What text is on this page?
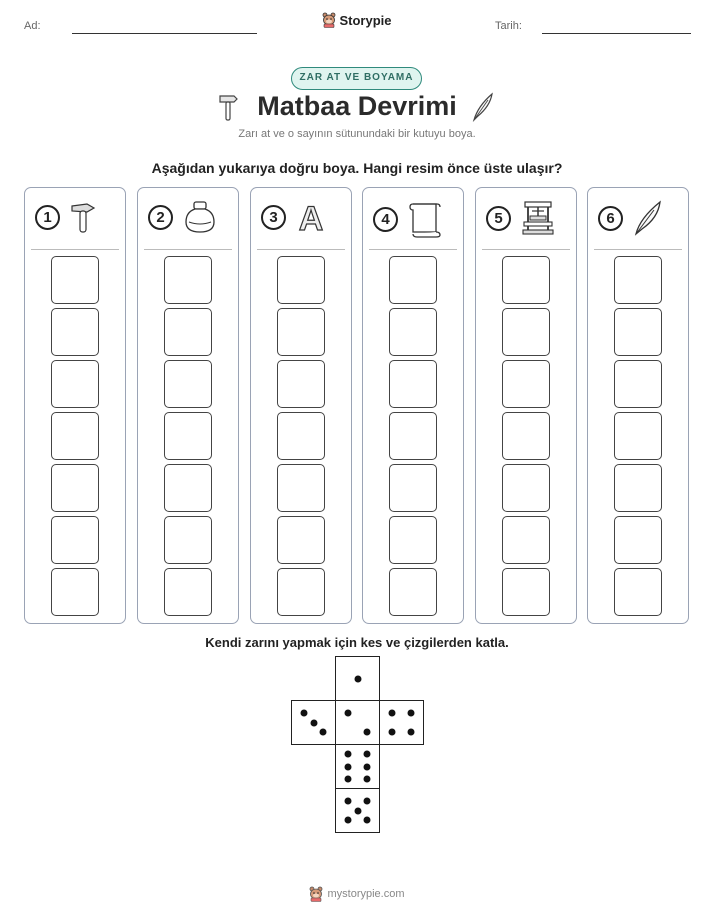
Ad:	Tarih:
Storypie
ZAR AT VE BOYAMA
Matbaa Devrimi
Zarı at ve o sayının sütunundaki bir kutuyu boya.
Aşağıdan yukarıya doğru boya. Hangi resim önce üste ulaşır?
1	2	3 A	4	5	6
Kendi zarını yapmak için kes ve çizgilerden katla.
mystorypie.com
